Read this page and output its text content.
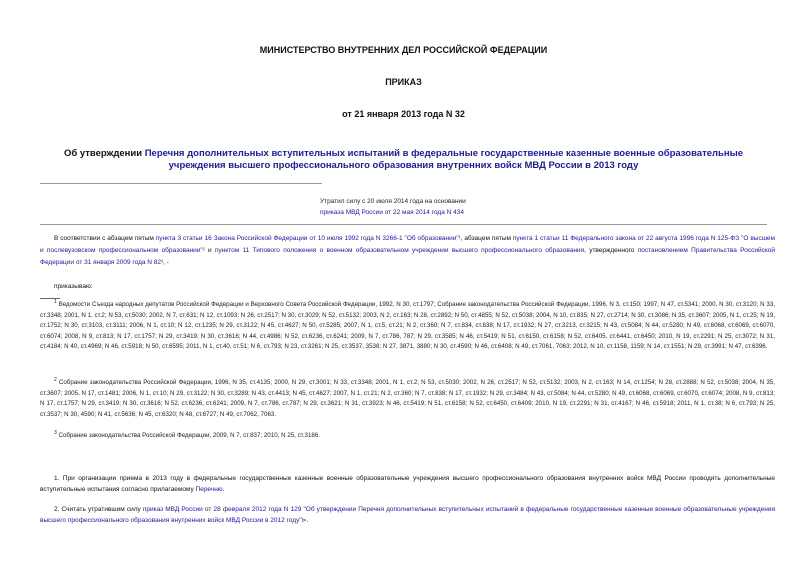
МИНИСТЕРСТВО ВНУТРЕННИХ ДЕЛ РОССИЙСКОЙ ФЕДЕРАЦИИ
ПРИКАЗ
от 21 января 2013 года N 32
Об утверждении Перечня дополнительных вступительных испытаний в федеральные государственные казенные военные образовательные учреждения высшего профессионального образования внутренних войск МВД России в 2013 году
Утратил силу с 20 июля 2014 года на основании
приказа МВД России от 22 мая 2014 года N 434
В соответствии с абзацем пятым пункта 3 статьи 16 Закона Российской Федерации от 10 июля 1992 года N 3266-1 "Об образовании"¹, абзацем пятым пункта 1 статьи 11 Федерального закона от 22 августа 1996 года N 125-ФЗ "О высшем и послевузовском профессиональном образовании"² и пунктом 11 Типового положения о военном образовательном учреждении высшего профессионального образования, утвержденного постановлением Правительства Российской Федерации от 31 января 2009 года N 82³, -
приказываю:
$^1$ Ведомости Съезда народных депутатов Российской Федерации и Верховного Совета Российской Федерации, 1992, N 30, ст.1797; Собрание законодательства Российской Федерации, 1996, N 3, ст.150; 1997, N 47, ст.5341; 2000, N 30, ст.3120; N 33, ст.3348; 2001, N 1, ст.2; N 53, ст.5030; 2002, N 7, ст.631; N 12, ст.1093; N 26, ст.2517; N 30, ст.3029; N 52, ст.5132; 2003, N 2, ст.163; N 28, ст.2892; N 50, ст.4855; N 52, ст.5038; 2004, N 10, ст.835; N 27, ст.2714; N 30, ст.3086; N 35, ст.3607; 2005, N 1, ст.25; N 19, ст.1752; N 30, ст.3103, ст.3111; 2006, N 1, ст.10; N 12, ст.1235; N 29, ст.3122; N 45, ст.4627; N 50, ст.5285; 2007, N 1, ст.5, ст.21; N 2, ст.360; N 7, ст.834, ст.838; N 17, ст.1932; N 27, ст.3213, ст.3215; N 43, ст.5084; N 44, ст.5280; N 49, ст.6068, ст.6069, ст.6070, ст.6074; 2008, N 9, ст.813; N 17, ст.1757; N 29, ст.3419; N 30, ст.3616; N 44, ст.4986; N 52, ст.6236, ст.6241; 2009, N 7, ст.786, 787; N 29, ст.3585; N 46, ст.5419; N 51, ст.6150, ст.6158; N 52, ст.6405, ст.6441, ст.6450; 2010, N 19, ст.2291; N 25, ст.3072; N 31, ст.4184; N 40, ст.4969; N 46, ст.5918; N 50, ст.6595; 2011, N 1, ст.40, ст.51; N 6, ст.793; N 23, ст.3261; N 25, ст.3537, 3538; N 27, 3871, 3880; N 30, ст.4590; N 46, ст.6408; N 49, ст.7061, 7063; 2012, N 10, ст.1158, 1159; N 14, ст.1551; N 29, ст.3991; N 47, ст.6396.
$^2$ Собрание законодательства Российской Федерации, 1996, N 35, ст.4135; 2000, N 29, ст.3001; N 33, ст.3348; 2001, N 1, ст.2; N 53, ст.5030; 2002, N 26, ст.2517; N 52, ст.5132; 2003, N 2, ст.163; N 14, ст.1254; N 28, ст.2888; N 52, ст.5038; 2004, N 35, ст.3607; 2005, N 17, ст.1481; 2006, N 1, ст.10; N 29, ст.3122; N 30, ст.3289; N 43, ст.4413; N 45, ст.4627; 2007, N 1, ст.21; N 2, ст.360; N 7, ст.838; N 17, ст.1932; N 29, ст.3484; N 43, ст.5084; N 44, ст.5280; N 49, ст.6068, ст.6069, ст.6070, ст.6074; 2008, N 9, ст.813; N 17, ст.1757; N 29, ст.3419; N 30, ст.3616; N 52, ст.6236, ст.6241; 2009, N 7, ст.786, ст.787; N 29, ст.3621; N 31, ст.3923; N 46, ст.5419; N 51, ст.6158; N 52, ст.6450, ст.6409; 2010, N 19, ст.2291; N 31, ст.4167; N 46, ст.5918; 2011, N 1, ст.38; N 6, ст.793; N 25, ст.3537; N 30, 4590; N 41, ст.5636; N 45, ст.6320; N 48, ст.6727; N 49, ст.7062, 7063.
$^3$ Собрание законодательства Российской Федерации, 2009, N 7, ст.837; 2010, N 25, ст.3186.
1. При организации приема в 2013 году в федеральные государственные казенные военные образовательные учреждения высшего профессионального образования внутренних войск МВД России проводить дополнительные вступительные испытания согласно прилагаемому Перечню.
2. Считать утратившим силу приказ МВД России от 28 февраля 2012 года N 129 "Об утверждении Перечня дополнительных вступительных испытаний в федеральные государственные казенные военные образовательные учреждения высшего профессионального образования внутренних войск МВД России в 2012 году"⊳.
